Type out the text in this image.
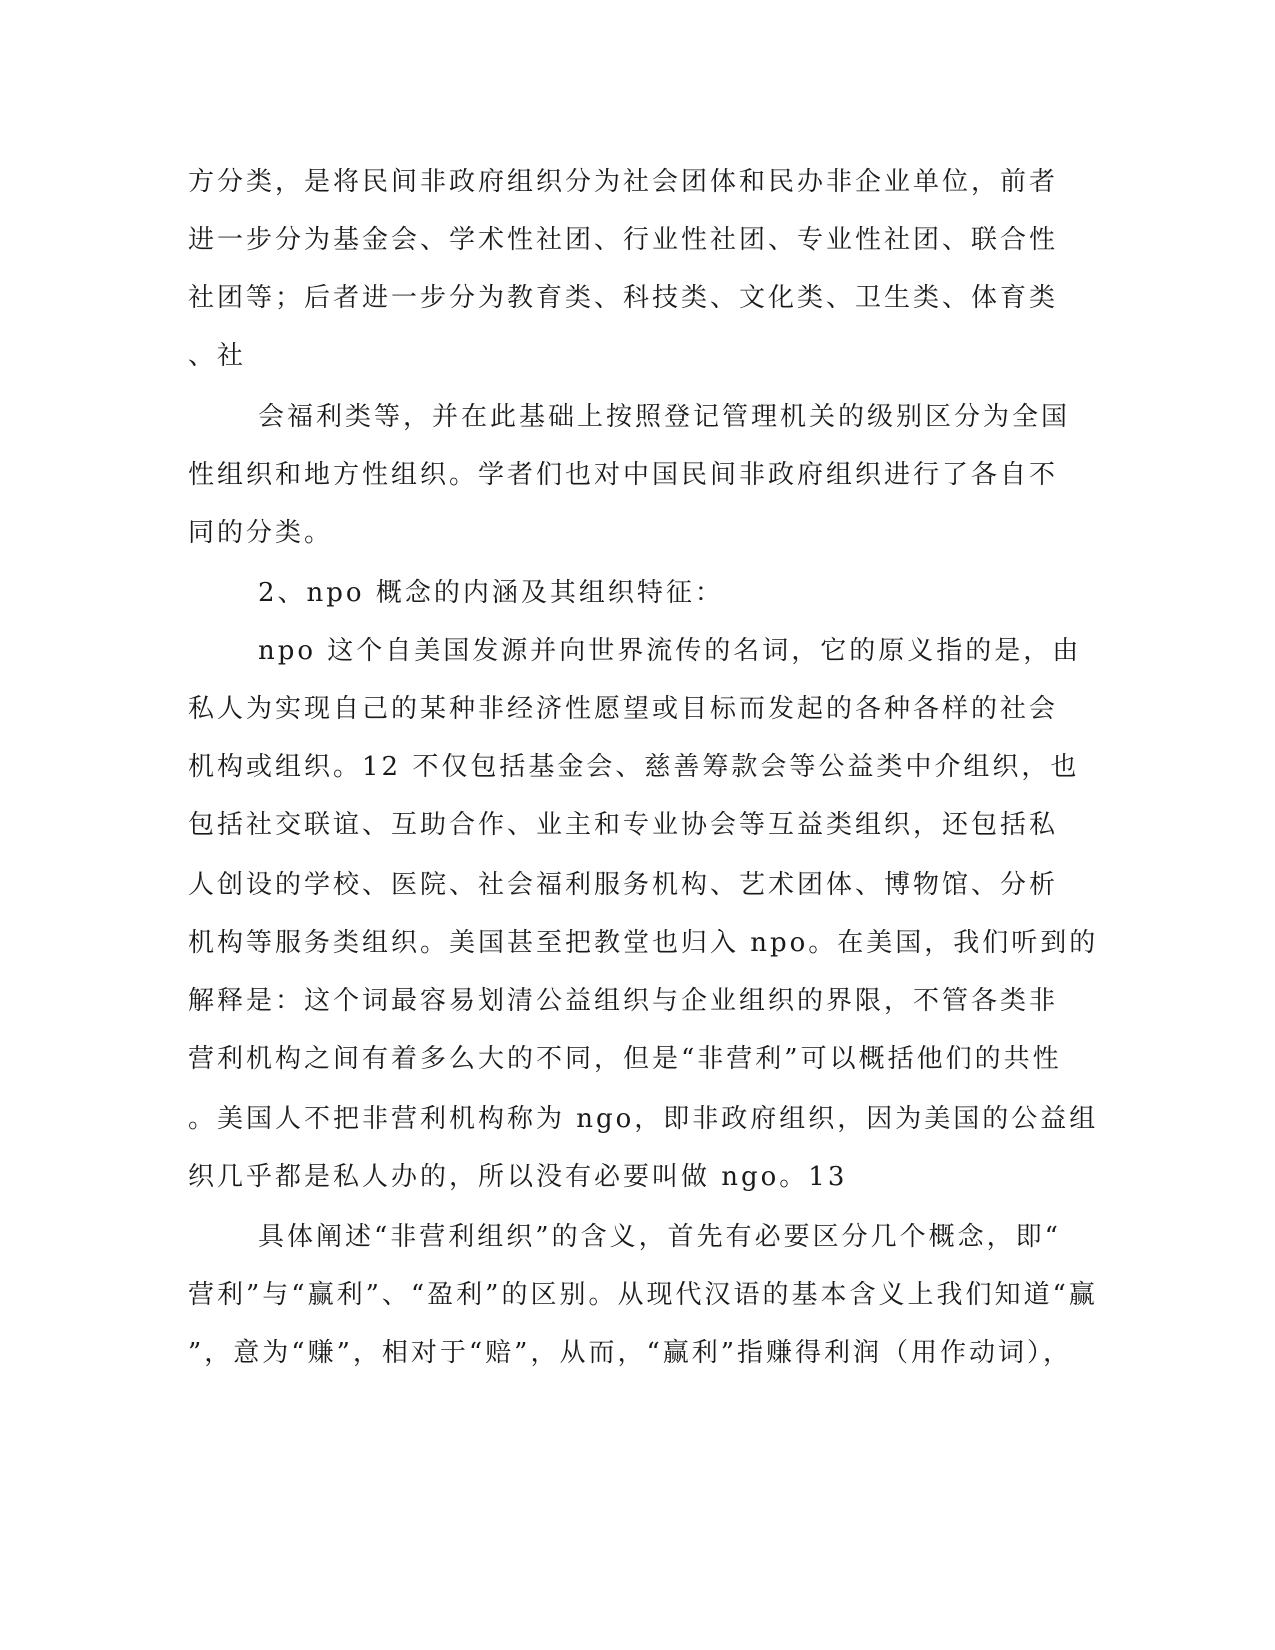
方分类，是将民间非政府组织分为社会团体和民办非企业单位，前者
进一步分为基金会、学术性社团、行业性社团、专业性社团、联合性
社团等；后者进一步分为教育类、科技类、文化类、卫生类、体育类
、社
会福利类等，并在此基础上按照登记管理机关的级别区分为全国
性组织和地方性组织。学者们也对中国民间非政府组织进行了各自不
同的分类。
2、npo 概念的内涵及其组织特征：
npo 这个自美国发源并向世界流传的名词，它的原义指的是，由
私人为实现自己的某种非经济性愿望或目标而发起的各种各样的社会
机构或组织。12 不仅包括基金会、慈善筹款会等公益类中介组织，也
包括社交联谊、互助合作、业主和专业协会等互益类组织，还包括私
人创设的学校、医院、社会福利服务机构、艺术团体、博物馆、分析
机构等服务类组织。美国甚至把教堂也归入 npo。在美国，我们听到的
解释是：这个词最容易划清公益组织与企业组织的界限，不管各类非
营利机构之间有着多么大的不同，但是“非营利”可以概括他们的共性
。美国人不把非营利机构称为 ngo，即非政府组织，因为美国的公益组
织几乎都是私人办的，所以没有必要叫做 ngo。13
具体阐述“非营利组织”的含义，首先有必要区分几个概念，即“
营利”与“赢利”、“盈利”的区别。从现代汉语的基本含义上我们知道“赢
”，意为“赚”，相对于“赔”，从而，“赢利”指赚得利润（用作动词），
